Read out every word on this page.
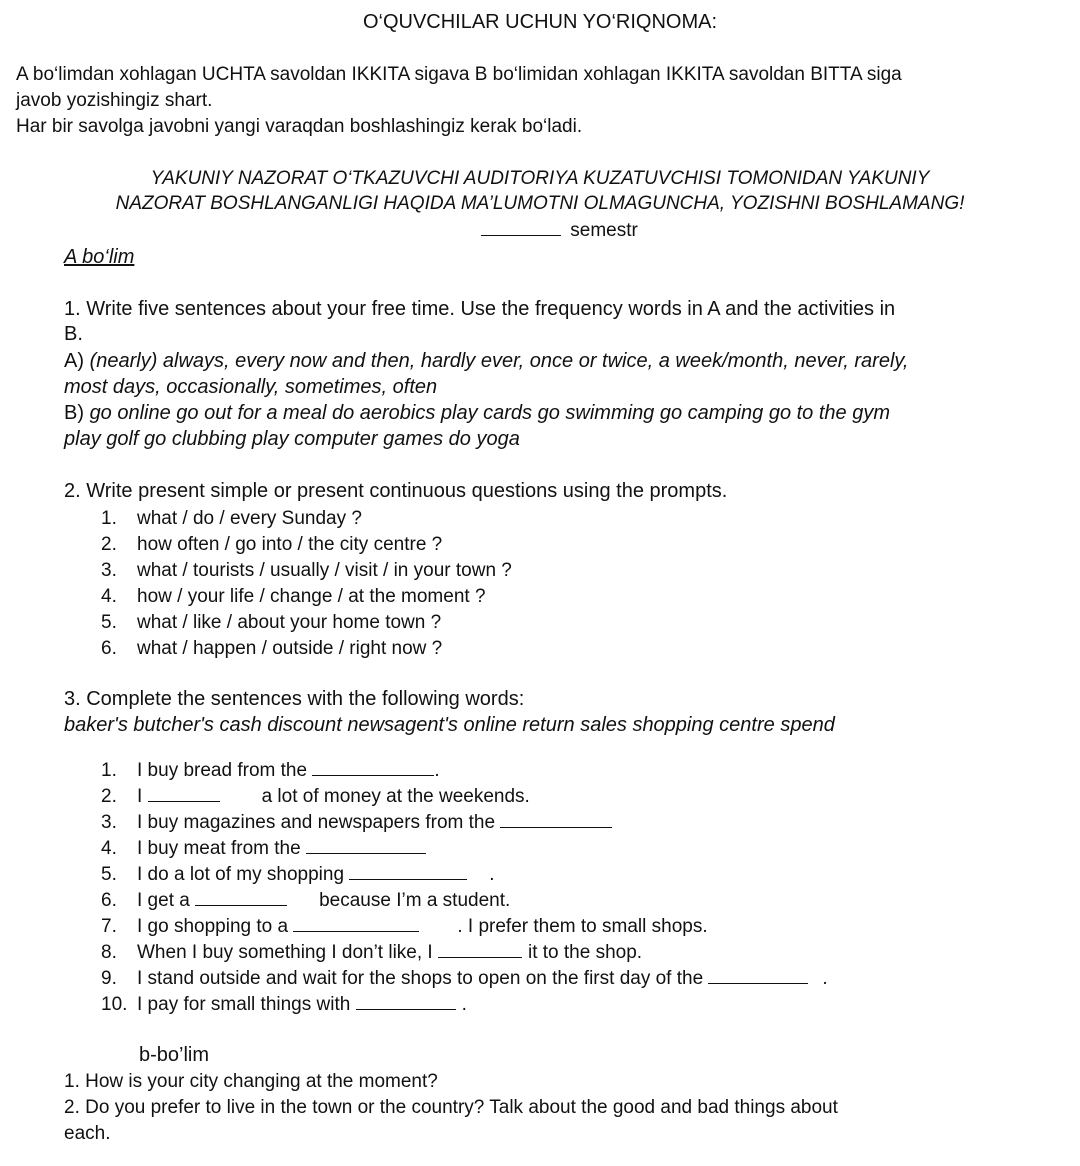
O‘QUVCHILAR UCHUN YO‘RIQNOMA:
A bo‘limdan xohlagan UCHTA savoldan IKKITA sigava B bo‘limidan xohlagan IKKITA savoldan BITTA siga
javob yozishingiz shart.
Har bir savolga javobni yangi varaqdan boshlashingiz kerak bo‘ladi.
YAKUNIY NAZORAT O‘TKAZUVCHI AUDITORIYA KUZATUVCHISI TOMONIDAN YAKUNIY
NAZORAT BOSHLANGANLIGI HAQIDA MA’LUMOTNI OLMAGUNCHA, YOZISHNI BOSHLAMANG!
semestr
A bo‘lim
1. Write five sentences about your free time. Use the frequency words in A and the activities in
B.
A) (nearly) always, every now and then, hardly ever, once or twice, a week/month, never, rarely,
most days, occasionally, sometimes, often
B) go online go out for a meal do aerobics play cards go swimming go camping go to the gym
play golf go clubbing play computer games do yoga
2. Write present simple or present continuous questions using the prompts.
1. what / do / every Sunday ?
2. how often / go into / the city centre ?
3. what / tourists / usually / visit / in your town ?
4. how / your life / change / at the moment ?
5. what / like / about your home town ?
6. what / happen / outside / right now ?
3. Complete the sentences with the following words:
baker's butcher's cash discount newsagent's online return sales shopping centre spend
1. I buy bread from the	.
2. I	a lot of money at the weekends.
3. I buy magazines and newspapers from the
4. I buy meat from the
5. I do a lot of my shopping	.
6. I get a	because I’m a student.
7. I go shopping to a	. I prefer them to small shops.
8. When I buy something I don’t like, I	it to the shop.
9. I stand outside and wait for the shops to open on the first day of the	.
10. I pay for small things with	.
b-bo’lim
1. How is your city changing at the moment?
2. Do you prefer to live in the town or the country? Talk about the good and bad things about
each.
